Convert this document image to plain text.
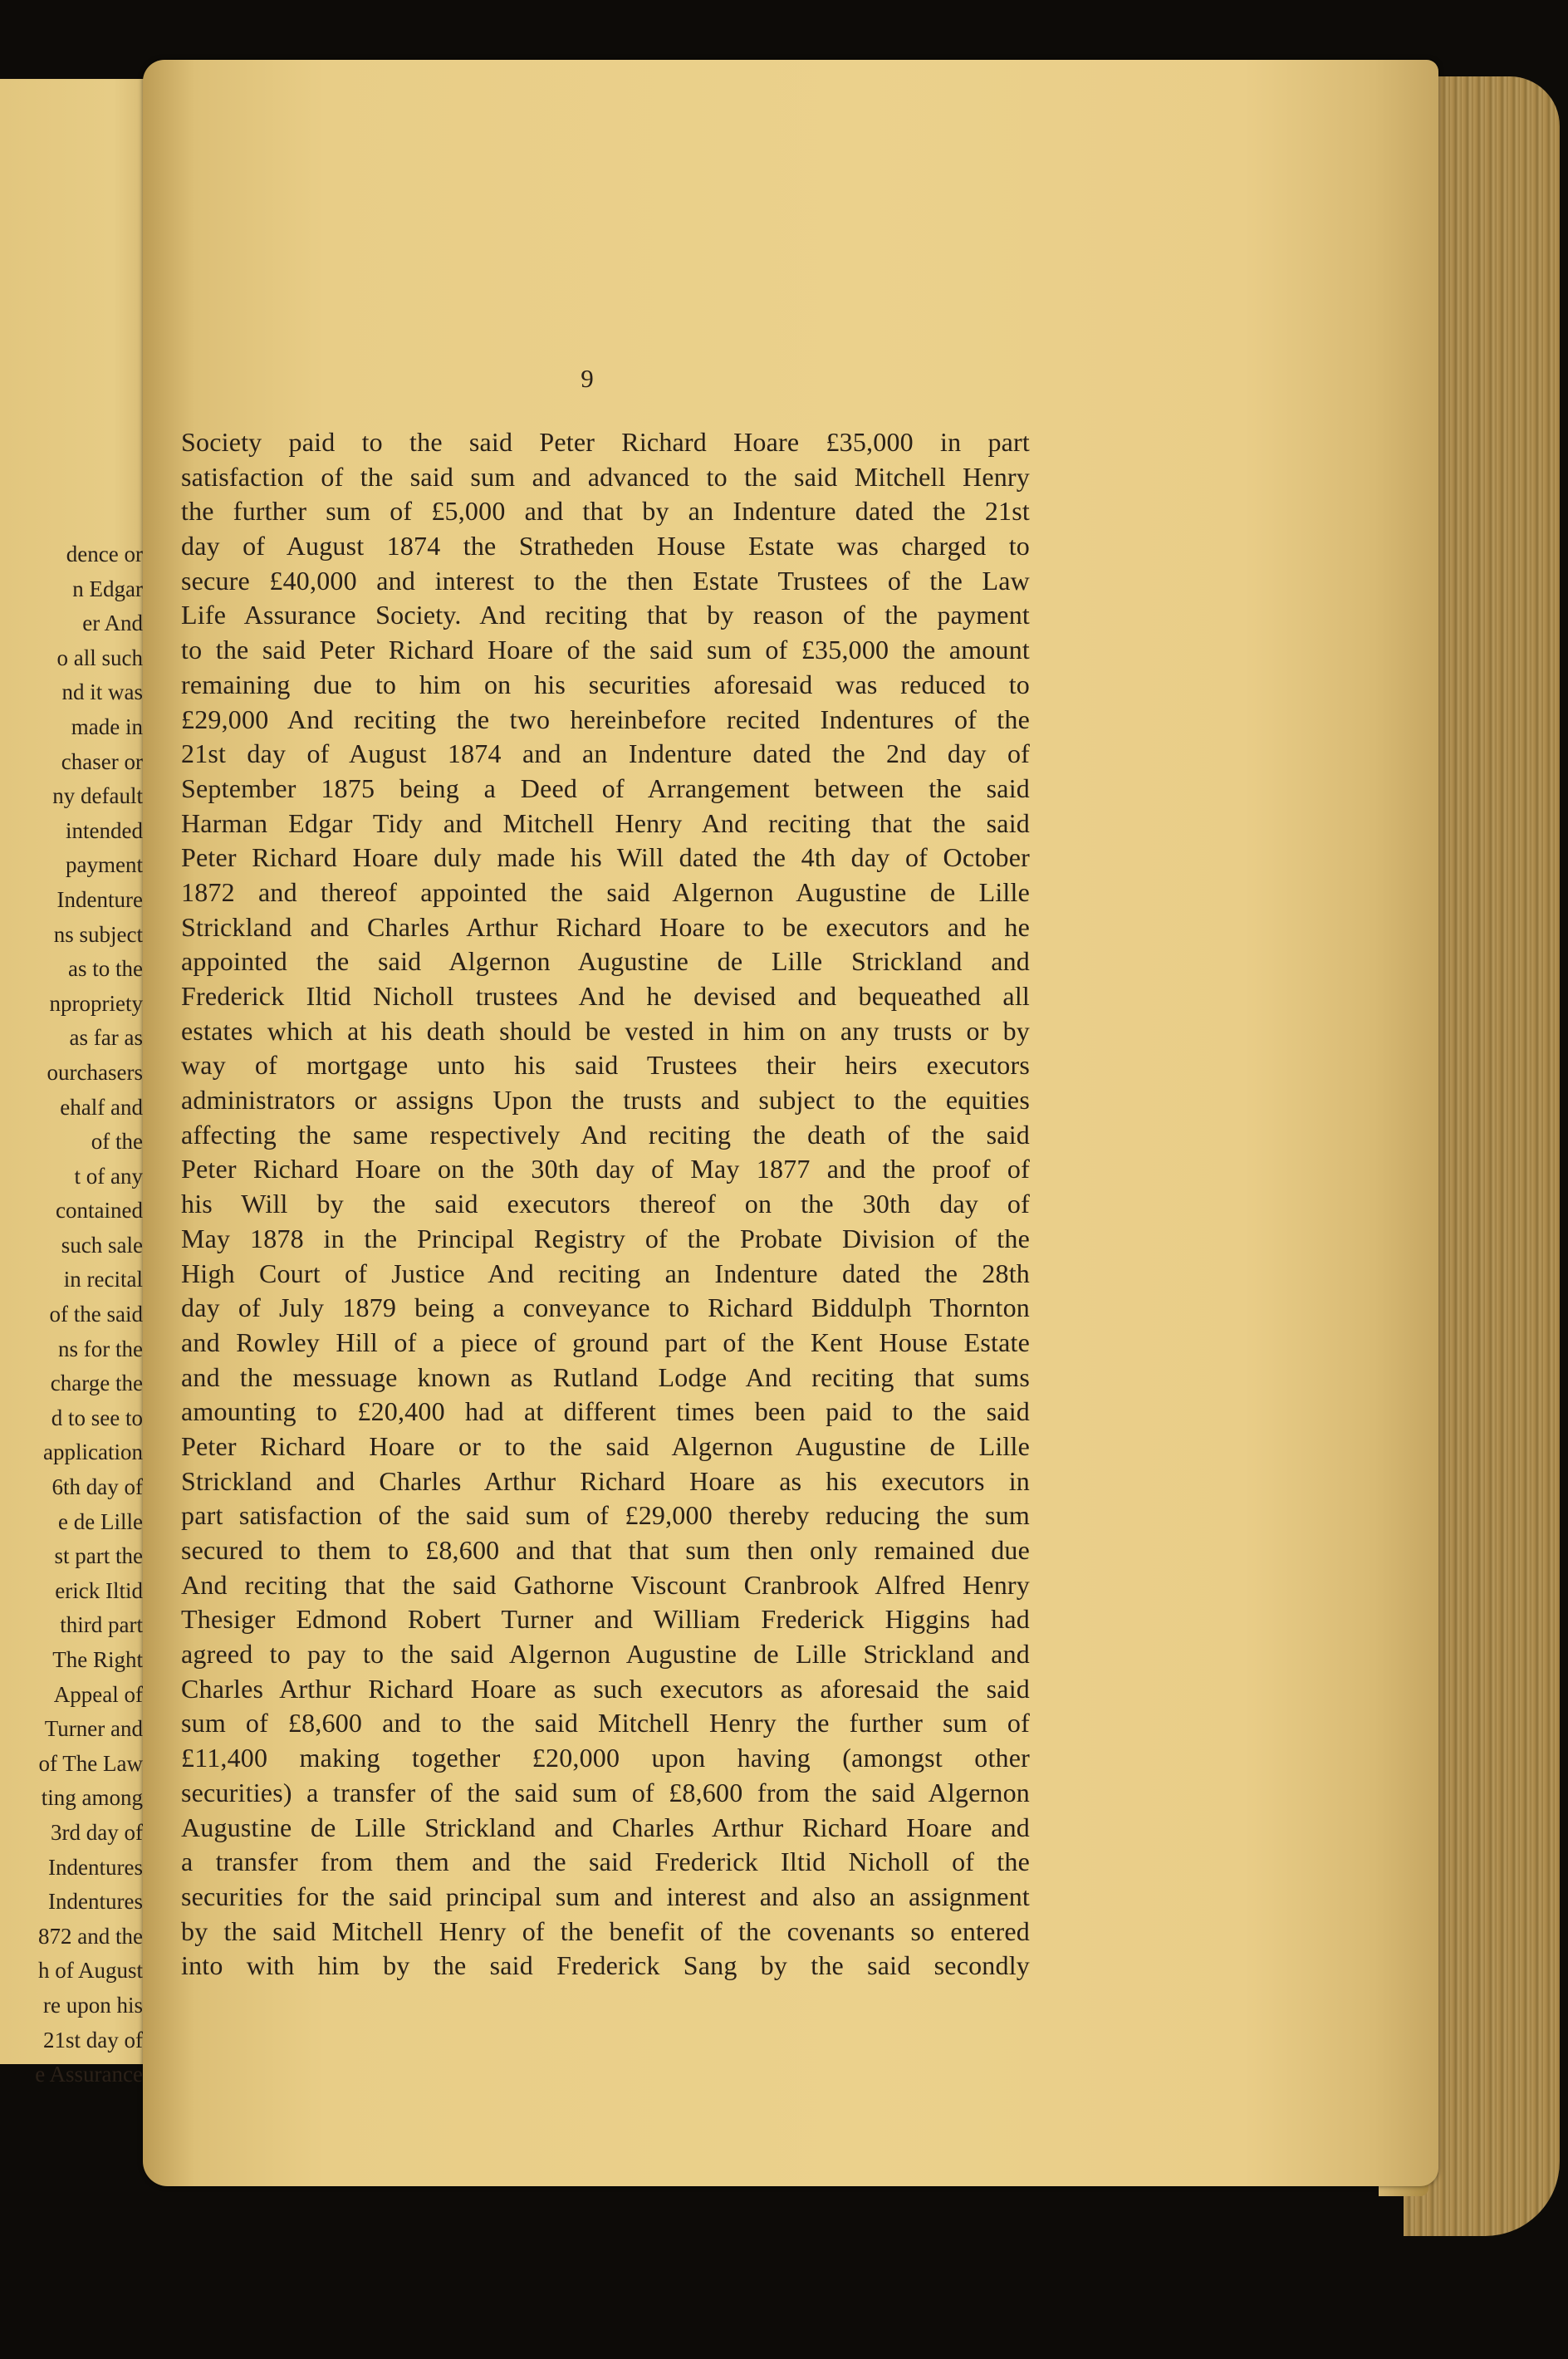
dence or
n Edgar
er And
o all such
nd it was
made in
chaser or
ny default
intended
payment
Indenture
ns subject
as to the
npropriety
as far as
ourchasers
ehalf and
of the
t of any
contained
such sale
in recital
of the said
ns for the
charge the
d to see to
application
6th day of
e de Lille
st part the
erick Iltid
third part
The Right
Appeal of
Turner and
of The Law
ting among
3rd day of
Indentures
Indentures
872 and the
h of August
re upon his
21st day of
e Assurance
9
Society paid to the said Peter Richard Hoare £35,000 in part
satisfaction of the said sum and advanced to the said Mitchell Henry
the further sum of £5,000 and that by an Indenture dated the 21st
day of August 1874 the Stratheden House Estate was charged to
secure £40,000 and interest to the then Estate Trustees of the Law
Life Assurance Society. And reciting that by reason of the payment
to the said Peter Richard Hoare of the said sum of £35,000 the amount
remaining due to him on his securities aforesaid was reduced to
£29,000 And reciting the two hereinbefore recited Indentures of the
21st day of August 1874 and an Indenture dated the 2nd day of
September 1875 being a Deed of Arrangement between the said
Harman Edgar Tidy and Mitchell Henry And reciting that the said
Peter Richard Hoare duly made his Will dated the 4th day of October
1872 and thereof appointed the said Algernon Augustine de Lille
Strickland and Charles Arthur Richard Hoare to be executors and he
appointed the said Algernon Augustine de Lille Strickland and
Frederick Iltid Nicholl trustees And he devised and bequeathed all
estates which at his death should be vested in him on any trusts or by
way of mortgage unto his said Trustees their heirs executors
administrators or assigns Upon the trusts and subject to the equities
affecting the same respectively And reciting the death of the said
Peter Richard Hoare on the 30th day of May 1877 and the proof of
his Will by the said executors thereof on the 30th day of
May 1878 in the Principal Registry of the Probate Division of the
High Court of Justice And reciting an Indenture dated the 28th
day of July 1879 being a conveyance to Richard Biddulph Thornton
and Rowley Hill of a piece of ground part of the Kent House Estate
and the messuage known as Rutland Lodge And reciting that sums
amounting to £20,400 had at different times been paid to the said
Peter Richard Hoare or to the said Algernon Augustine de Lille
Strickland and Charles Arthur Richard Hoare as his executors in
part satisfaction of the said sum of £29,000 thereby reducing the sum
secured to them to £8,600 and that that sum then only remained due
And reciting that the said Gathorne Viscount Cranbrook Alfred Henry
Thesiger Edmond Robert Turner and William Frederick Higgins had
agreed to pay to the said Algernon Augustine de Lille Strickland and
Charles Arthur Richard Hoare as such executors as aforesaid the said
sum of £8,600 and to the said Mitchell Henry the further sum of
£11,400 making together £20,000 upon having (amongst other
securities) a transfer of the said sum of £8,600 from the said Algernon
Augustine de Lille Strickland and Charles Arthur Richard Hoare and
a transfer from them and the said Frederick Iltid Nicholl of the
securities for the said principal sum and interest and also an assignment
by the said Mitchell Henry of the benefit of the covenants so entered
into with him by the said Frederick Sang by the said secondly
